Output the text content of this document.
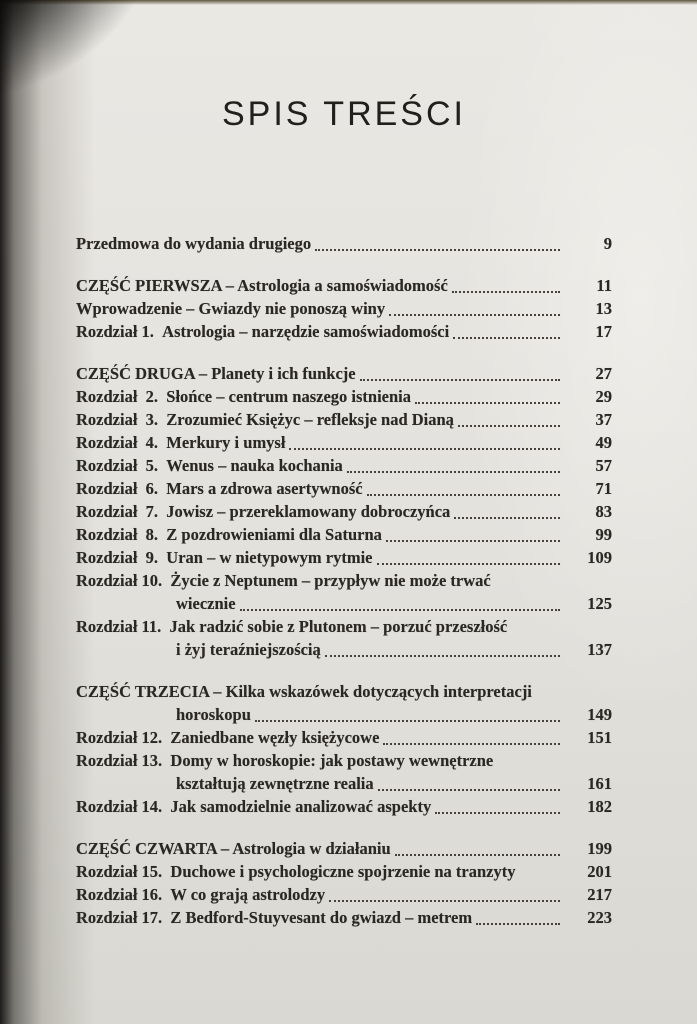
SPIS TREŚCI
Przedmowa do wydania drugiego	9
CZĘŚĆ PIERWSZA – Astrologia a samoświadomość	11
Wprowadzenie – Gwiazdy nie ponoszą winy	13
Rozdział 1.  Astrologia – narzędzie samoświadomości	17
CZĘŚĆ DRUGA – Planety i ich funkcje	27
Rozdział  2.  Słońce – centrum naszego istnienia	29
Rozdział  3.  Zrozumieć Księżyc – refleksje nad Dianą	37
Rozdział  4.  Merkury i umysł	49
Rozdział  5.  Wenus – nauka kochania	57
Rozdział  6.  Mars a zdrowa asertywność	71
Rozdział  7.  Jowisz – przereklamowany dobroczyńca	83
Rozdział  8.  Z pozdrowieniami dla Saturna	99
Rozdział  9.  Uran – w nietypowym rytmie	109
Rozdział 10.  Życie z Neptunem – przypływ nie może trwać
wiecznie	125
Rozdział 11.  Jak radzić sobie z Plutonem – porzuć przeszłość
i żyj teraźniejszością	137
CZĘŚĆ TRZECIA – Kilka wskazówek dotyczących interpretacji
horoskopu	149
Rozdział 12.  Zaniedbane węzły księżycowe	151
Rozdział 13.  Domy w horoskopie: jak postawy wewnętrzne
kształtują zewnętrzne realia	161
Rozdział 14.  Jak samodzielnie analizować aspekty	182
CZĘŚĆ CZWARTA – Astrologia w działaniu	199
Rozdział 15.  Duchowe i psychologiczne spojrzenie na tranzyty	201
Rozdział 16.  W co grają astrolodzy	217
Rozdział 17.  Z Bedford-Stuyvesant do gwiazd – metrem	223
